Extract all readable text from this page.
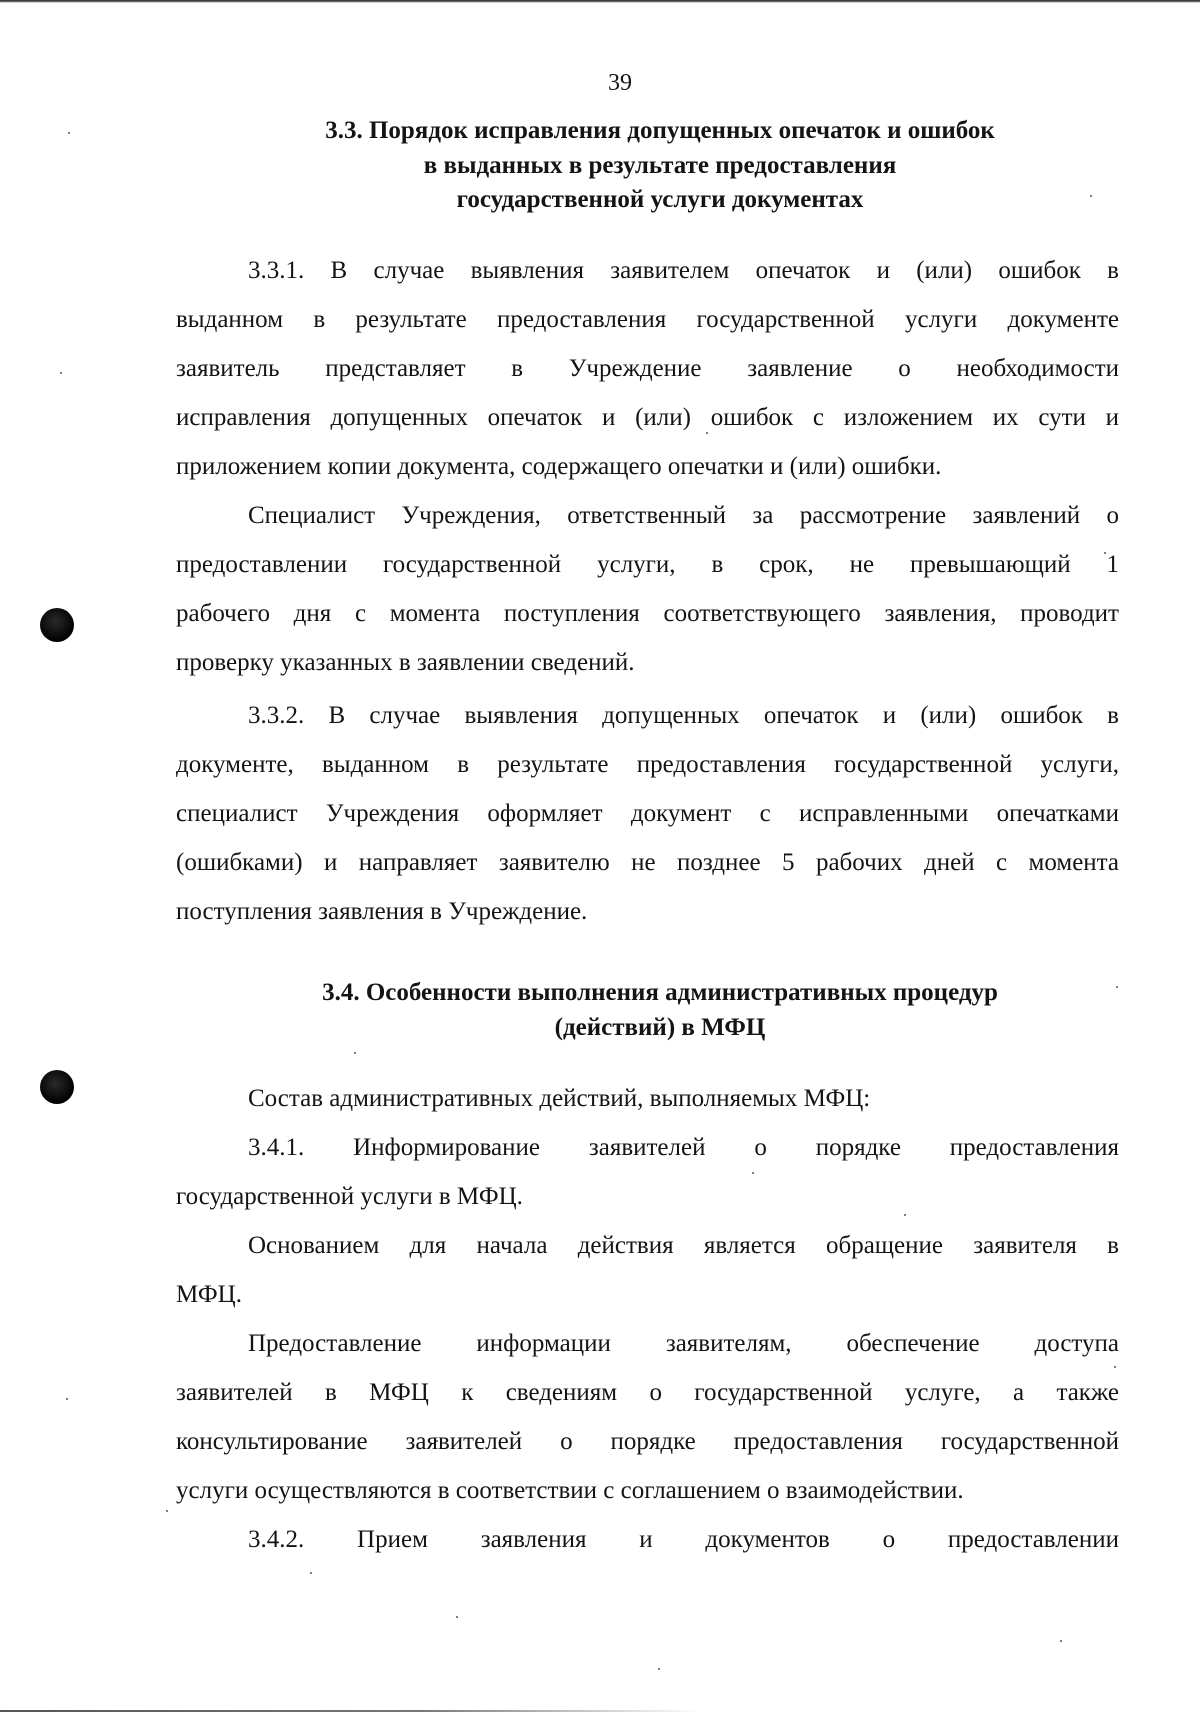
39
3.3. Порядок исправления допущенных опечаток и ошибок
в выданных в результате предоставления
государственной услуги документах
3.3.1. В случае выявления заявителем опечаток и (или) ошибок в
выданном в результате предоставления государственной услуги документе
заявитель представляет в Учреждение заявление о необходимости
исправления допущенных опечаток и (или) ошибок с изложением их сути и
приложением копии документа, содержащего опечатки и (или) ошибки.
Специалист Учреждения, ответственный за рассмотрение заявлений о
предоставлении государственной услуги, в срок, не превышающий 1
рабочего дня с момента поступления соответствующего заявления, проводит
проверку указанных в заявлении сведений.
3.3.2. В случае выявления допущенных опечаток и (или) ошибок в
документе, выданном в результате предоставления государственной услуги,
специалист Учреждения оформляет документ с исправленными опечатками
(ошибками) и направляет заявителю не позднее 5 рабочих дней с момента
поступления заявления в Учреждение.
3.4. Особенности выполнения административных процедур
(действий) в МФЦ
Состав административных действий, выполняемых МФЦ:
3.4.1. Информирование заявителей о порядке предоставления
государственной услуги в МФЦ.
Основанием для начала действия является обращение заявителя в
МФЦ.
Предоставление информации заявителям, обеспечение доступа
заявителей в МФЦ к сведениям о государственной услуге, а также
консультирование заявителей о порядке предоставления государственной
услуги осуществляются в соответствии с соглашением о взаимодействии.
3.4.2. Прием заявления и документов о предоставлении
